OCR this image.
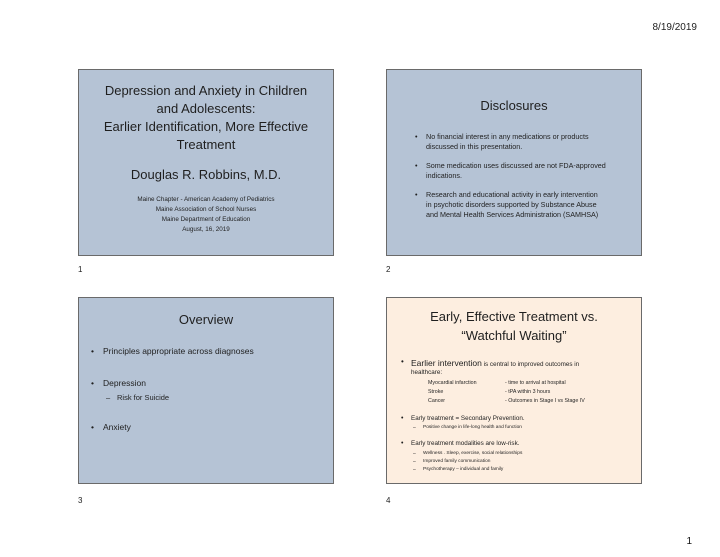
8/19/2019
Depression and Anxiety in Children
and Adolescents:
Earlier Identification, More Effective
Treatment
Douglas R. Robbins, M.D.
Maine Chapter - American Academy of Pediatrics
Maine Association of School Nurses
Maine Department of Education
August, 16, 2019
1
Disclosures
• No financial interest in any medications or products
discussed in this presentation.
• Some medication uses discussed are not FDA-approved
indications.
• Research and educational activity in early intervention
in psychotic disorders supported by Substance Abuse
and Mental Health Services Administration (SAMHSA)
2
Overview
• Principles appropriate across diagnoses
• Depression
– Risk for Suicide
• Anxiety
3
Early, Effective Treatment vs.
“Watchful Waiting”
• Earlier intervention is central to improved outcomes in
healthcare:
Myocardial infarction	- time to arrival at hospital
Stroke	- tPA within 3 hours
Cancer	- Outcomes in Stage I vs Stage IV
• Early treatment = Secondary Prevention.
– Positive change in life-long health and function
• Early treatment modalities are low-risk.
– Wellness . Sleep, exercise, social relationships
– Improved family communication
– Psychotherapy – individual and family
4
1
